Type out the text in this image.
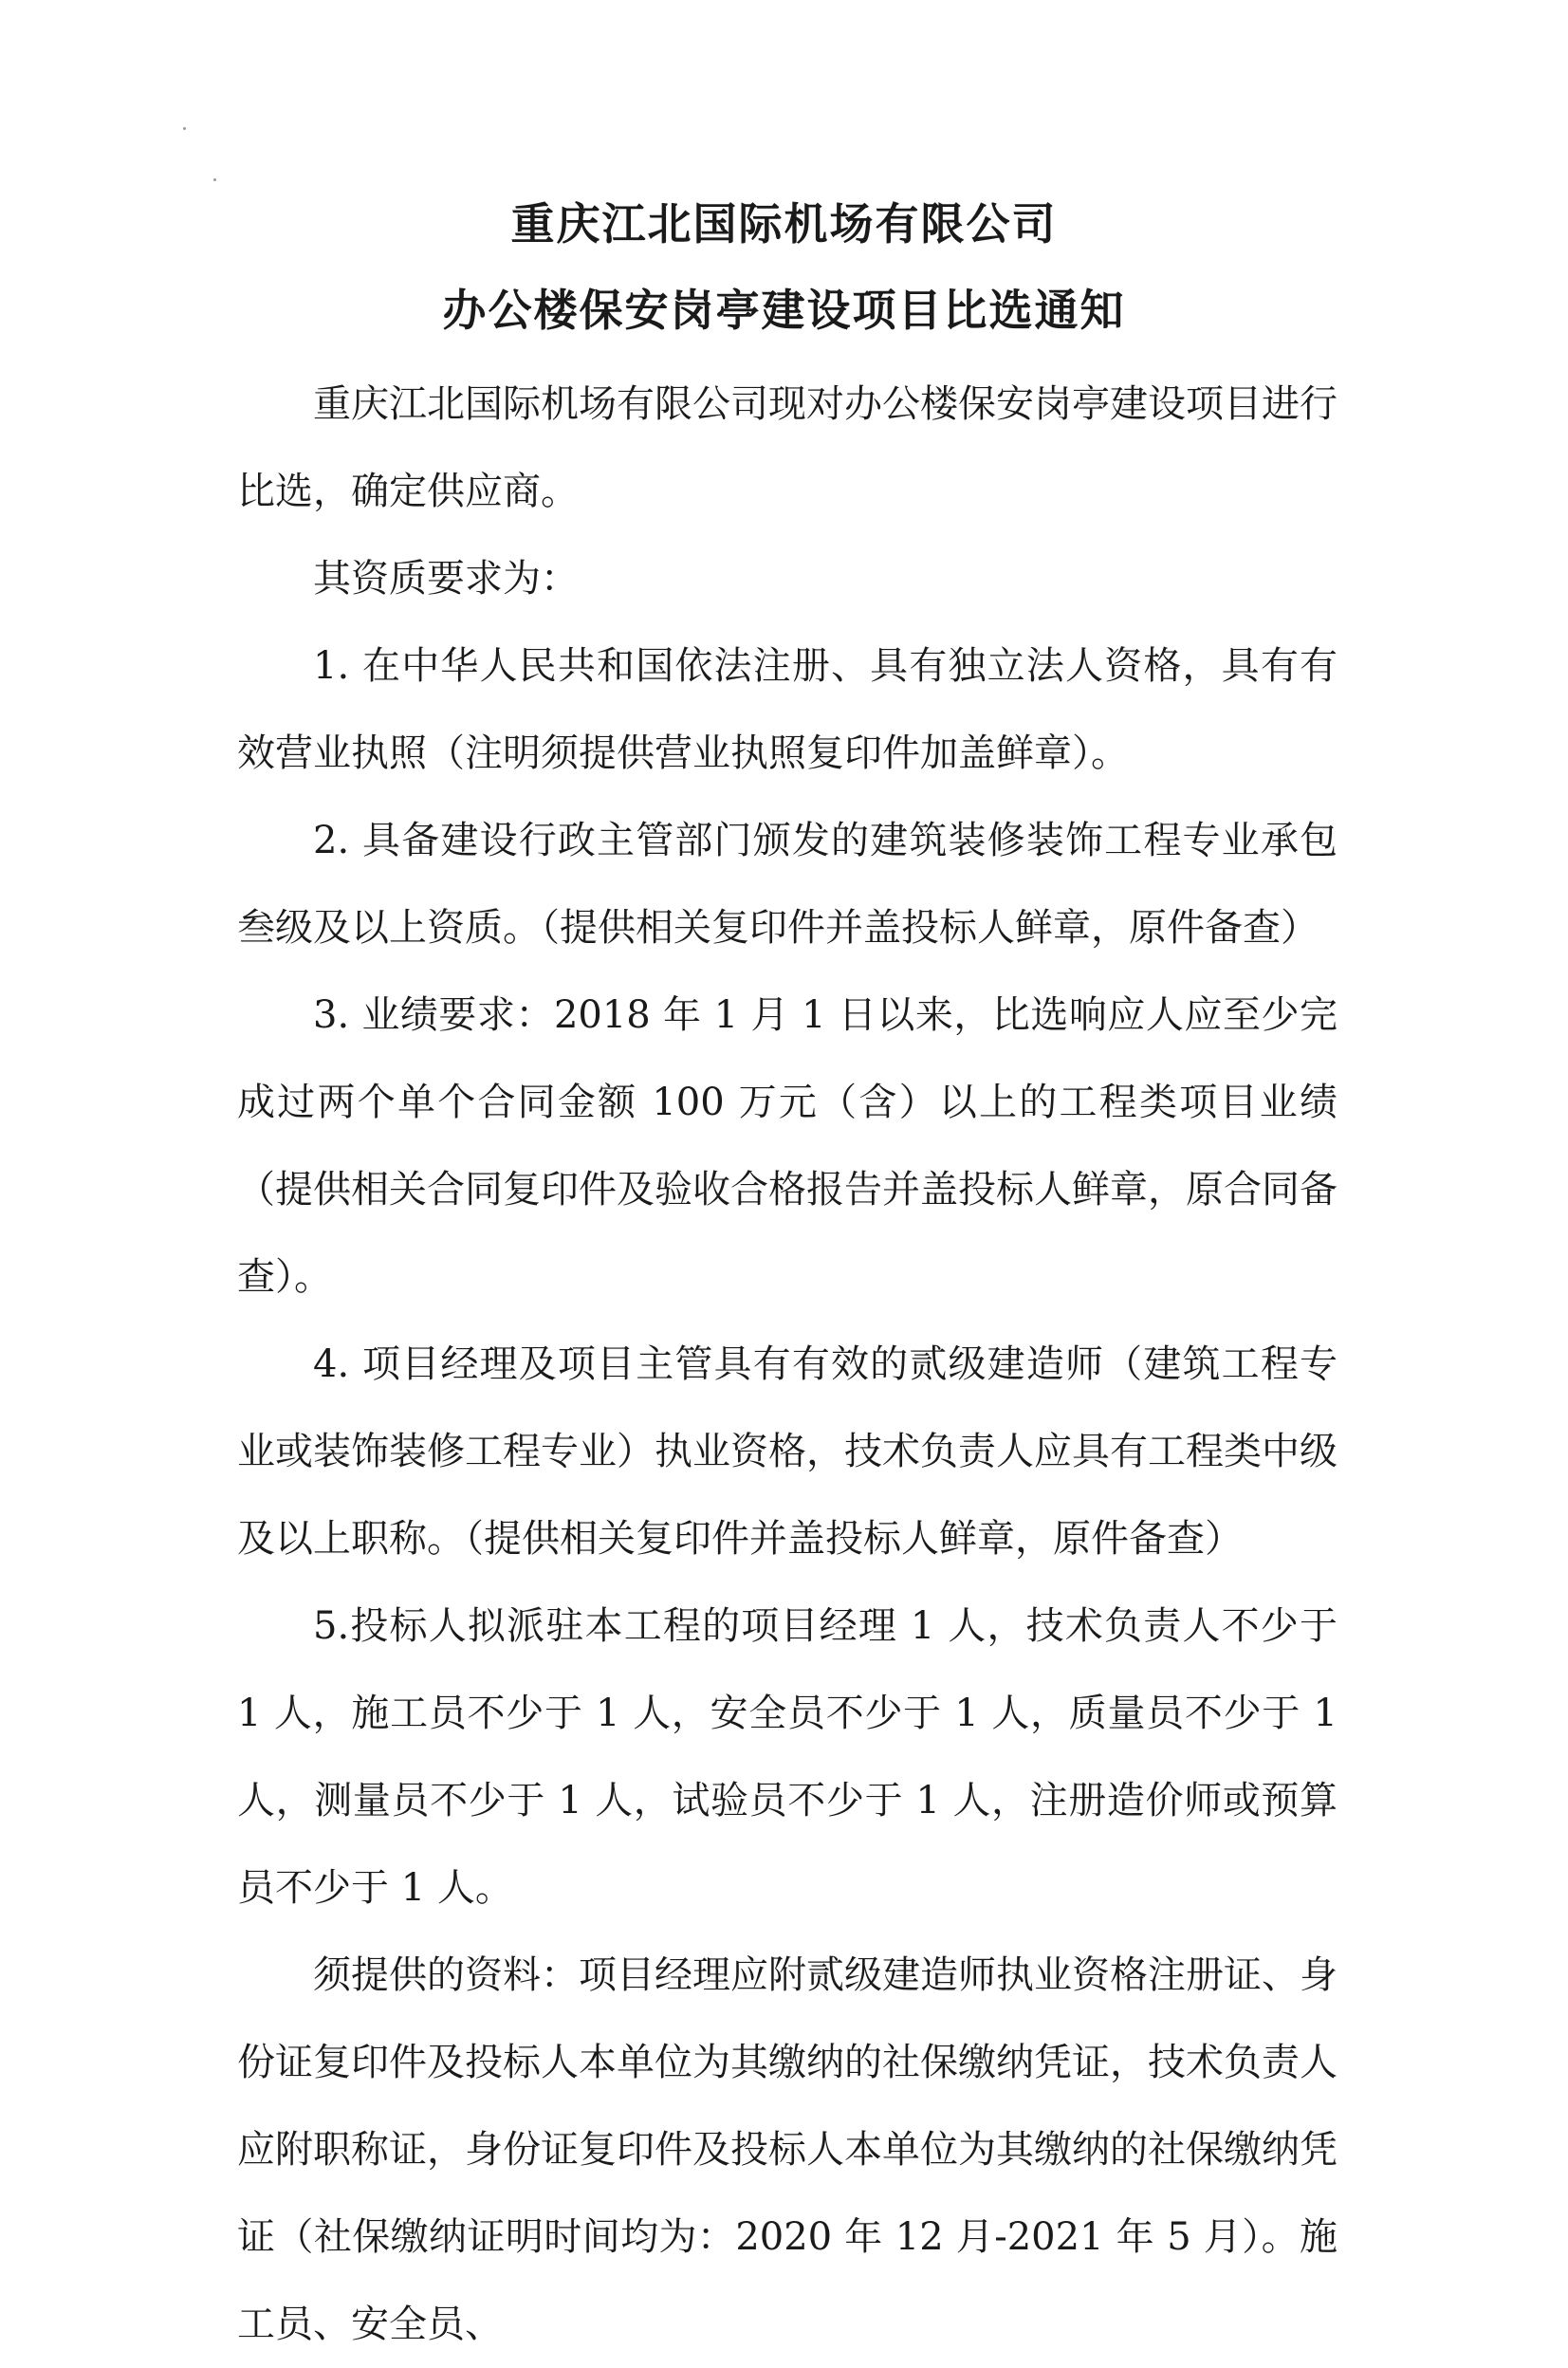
重庆江北国际机场有限公司
办公楼保安岗亭建设项目比选通知

重庆江北国际机场有限公司现对办公楼保安岗亭建设项目进行比选，确定供应商。

其资质要求为：

1. 在中华人民共和国依法注册、具有独立法人资格，具有有效营业执照（注明须提供营业执照复印件加盖鲜章）。

2. 具备建设行政主管部门颁发的建筑装修装饰工程专业承包叁级及以上资质。（提供相关复印件并盖投标人鲜章，原件备查）

3. 业绩要求：2018 年 1 月 1 日以来，比选响应人应至少完成过两个单个合同金额 100 万元（含）以上的工程类项目业绩（提供相关合同复印件及验收合格报告并盖投标人鲜章，原合同备查）。

4. 项目经理及项目主管具有有效的贰级建造师（建筑工程专业或装饰装修工程专业）执业资格，技术负责人应具有工程类中级及以上职称。（提供相关复印件并盖投标人鲜章，原件备查）

5.投标人拟派驻本工程的项目经理 1 人，技术负责人不少于 1 人，施工员不少于 1 人，安全员不少于 1 人，质量员不少于 1 人，测量员不少于 1 人，试验员不少于 1 人，注册造价师或预算员不少于 1 人。

须提供的资料：项目经理应附贰级建造师执业资格注册证、身份证复印件及投标人本单位为其缴纳的社保缴纳凭证，技术负责人应附职称证，身份证复印件及投标人本单位为其缴纳的社保缴纳凭证（社保缴纳证明时间均为：2020 年 12 月-2021 年 5 月）。施工员、安全员、
